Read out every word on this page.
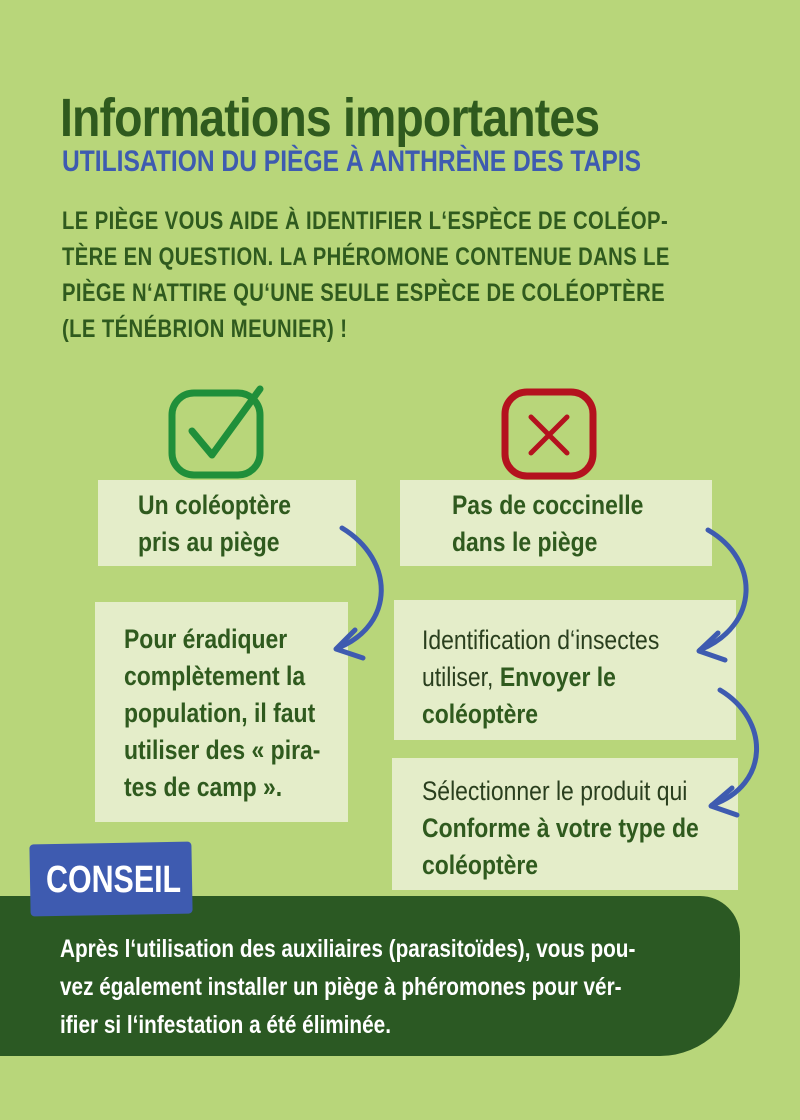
Informations importantes
UTILISATION DU PIÈGE À ANTHRÈNE DES TAPIS
LE PIÈGE VOUS AIDE À IDENTIFIER L‘ESPÈCE DE COLÉOP-
TÈRE EN QUESTION. LA PHÉROMONE CONTENUE DANS LE
PIÈGE N‘ATTIRE QU‘UNE SEULE ESPÈCE DE COLÉOPTÈRE
(LE TÉNÉBRION MEUNIER) !
Un coléoptère
pris au piège
Pas de coccinelle
dans le piège
Pour éradiquer
complètement la
population, il faut
utiliser des « pira-
tes de camp ».
Identification d‘insectes
utiliser, Envoyer le
coléoptère
Sélectionner le produit qui
Conforme à votre type de
coléoptère
CONSEIL
Après l‘utilisation des auxiliaires (parasitoïdes), vous pou-
vez également installer un piège à phéromones pour vér-
ifier si l‘infestation a été éliminée.
